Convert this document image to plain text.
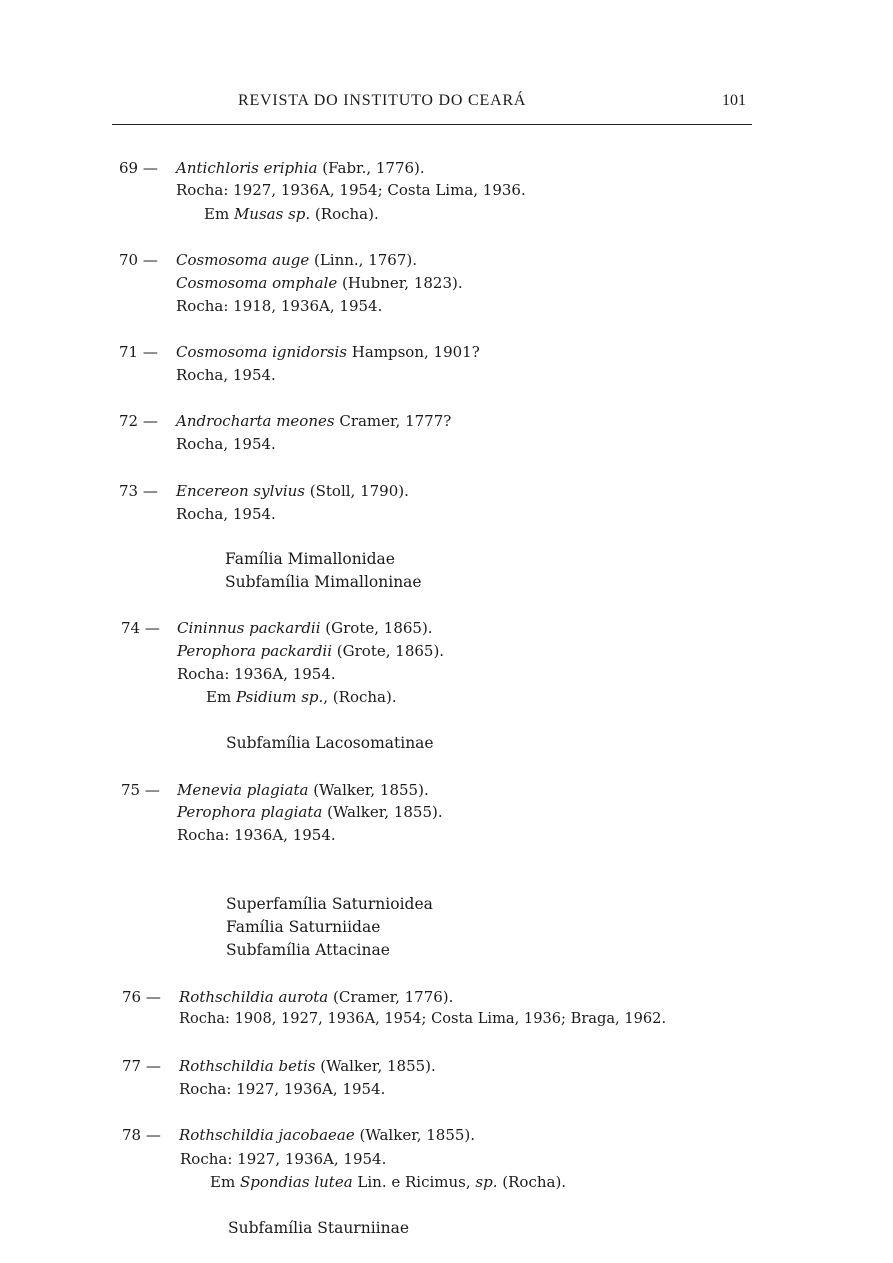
REVISTA DO INSTITUTO DO CEARÁ	101
69 —	Antichloris eriphia (Fabr., 1776).
Rocha: 1927, 1936A, 1954; Costa Lima, 1936.
Em Musas sp. (Rocha).
70 —	Cosmosoma auge (Linn., 1767).
Cosmosoma omphale (Hubner, 1823).
Rocha: 1918, 1936A, 1954.
71 —	Cosmosoma ignidorsis Hampson, 1901?
Rocha, 1954.
72 —	Androcharta meones Cramer, 1777?
Rocha, 1954.
73 —	Encereon sylvius (Stoll, 1790).
Rocha, 1954.
Família Mimallonidae
Subfamília Mimalloninae
74 —	Cininnus packardii (Grote, 1865).
Perophora packardii (Grote, 1865).
Rocha: 1936A, 1954.
Em Psidium sp., (Rocha).
Subfamília Lacosomatinae
75 —	Menevia plagiata (Walker, 1855).
Perophora plagiata (Walker, 1855).
Rocha: 1936A, 1954.
Superfamília Saturnioidea
Família Saturniidae
Subfamília Attacinae
76 —	Rothschildia aurota (Cramer, 1776).
Rocha: 1908, 1927, 1936A, 1954; Costa Lima, 1936; Braga, 1962.
77 —	Rothschildia betis (Walker, 1855).
Rocha: 1927, 1936A, 1954.
78 —	Rothschildia jacobaeae (Walker, 1855).
Rocha: 1927, 1936A, 1954.
Em Spondias lutea Lin. e Ricimus, sp. (Rocha).
Subfamília Staurniinae
